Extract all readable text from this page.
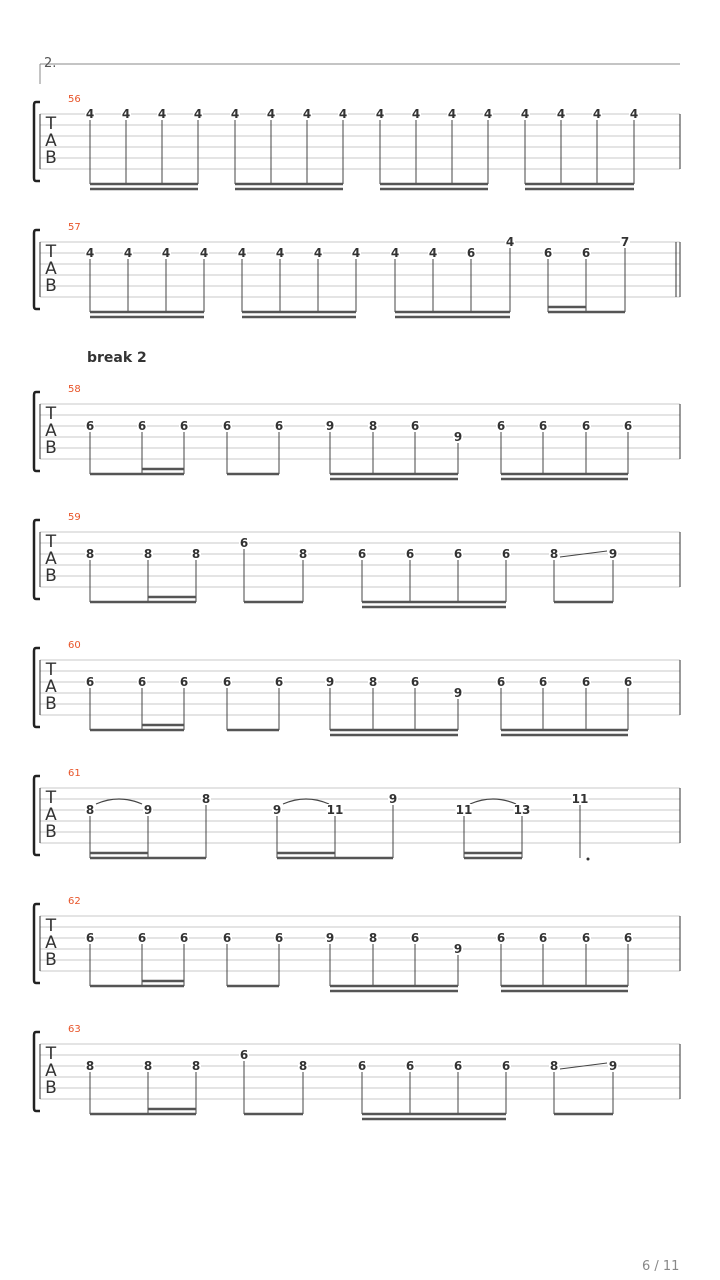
2.
break 2
T
A
B
56
4 4 4 4 4 4 4 4 4 4 4 4 4 4 4 4
T
A
B
57
4 4 4 4 4 4 4 4	4 4 6
4
6 6
7
T
A
B
58
6	6	6	6	6	9	8	6
9
6	6	6	6
T
A
B
59
8	8	8
6
8	6	6	6	6	8	9
T
A
B
60
6	6	6	6	6	9	8	6
9
6	6	6	6
T
A
B
61
8	9
8
9	11
9
11	13
11
T
A
B
62
6	6	6	6	6	9	8	6
9
6	6	6	6
T
A
B
63
8	8	8
6
8	6	6	6	6	8	9
6 / 11
